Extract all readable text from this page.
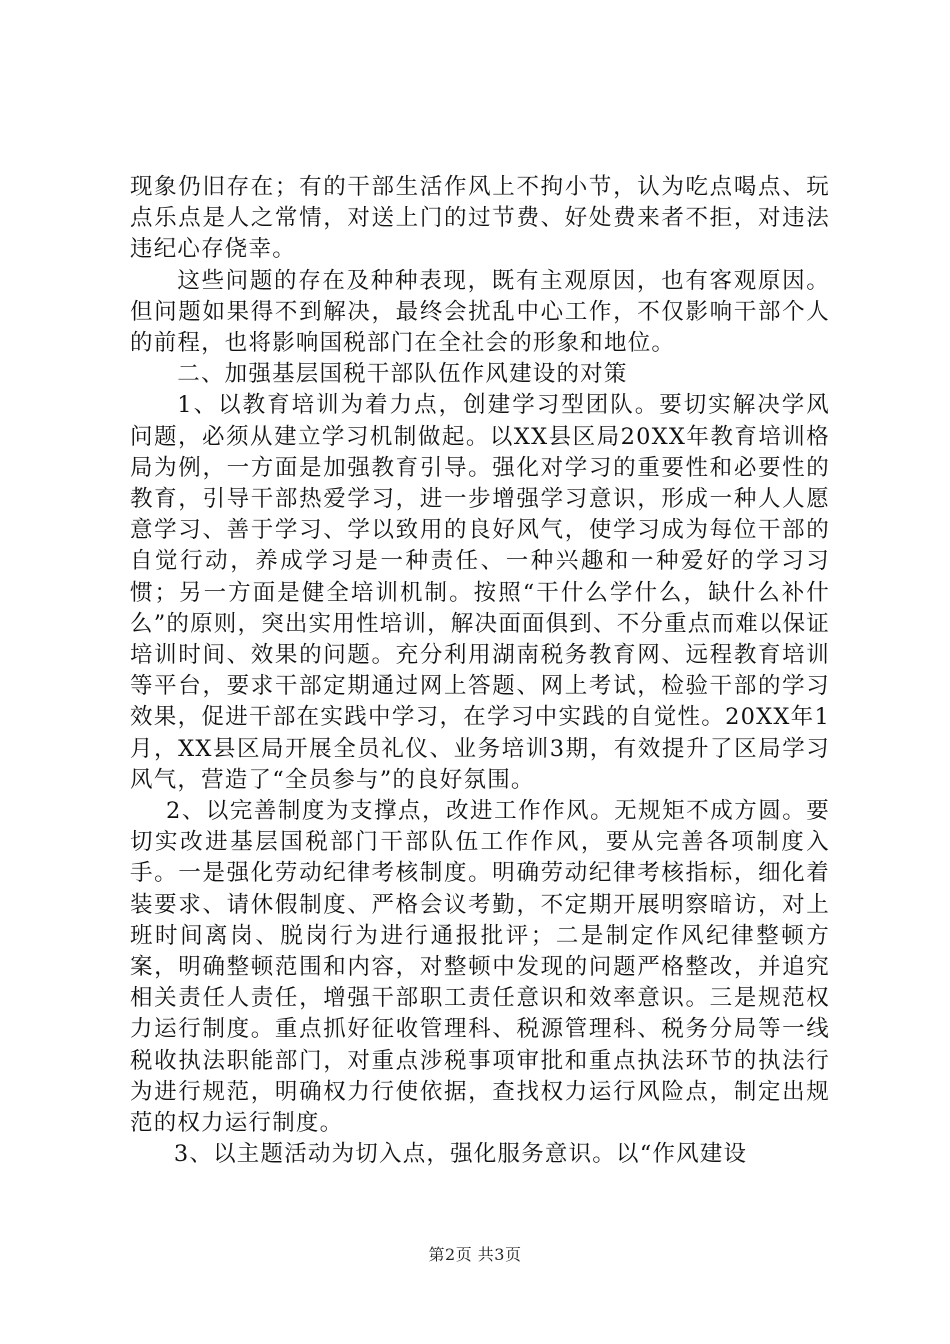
现象仍旧存在；有的干部生活作风上不拘小节，认为吃点喝点、玩点乐点是人之常情，对送上门的过节费、好处费来者不拒，对违法违纪心存侥幸。

这些问题的存在及种种表现，既有主观原因，也有客观原因。但问题如果得不到解决，最终会扰乱中心工作，不仅影响干部个人的前程，也将影响国税部门在全社会的形象和地位。

二、加强基层国税干部队伍作风建设的对策

1、以教育培训为着力点，创建学习型团队。要切实解决学风问题，必须从建立学习机制做起。以XX县区局20XX年教育培训格局为例，一方面是加强教育引导。强化对学习的重要性和必要性的教育，引导干部热爱学习，进一步增强学习意识，形成一种人人愿意学习、善于学习、学以致用的良好风气，使学习成为每位干部的自觉行动，养成学习是一种责任、一种兴趣和一种爱好的学习习惯；另一方面是健全培训机制。按照“干什么学什么，缺什么补什么”的原则，突出实用性培训，解决面面俱到、不分重点而难以保证培训时间、效果的问题。充分利用湖南税务教育网、远程教育培训等平台，要求干部定期通过网上答题、网上考试，检验干部的学习效果，促进干部在实践中学习，在学习中实践的自觉性。20XX年1月，XX县区局开展全员礼仪、业务培训3期，有效提升了区局学习风气，营造了“全员参与”的良好氛围。

2、以完善制度为支撑点，改进工作作风。无规矩不成方圆。要切实改进基层国税部门干部队伍工作作风，要从完善各项制度入手。一是强化劳动纪律考核制度。明确劳动纪律考核指标，细化着装要求、请休假制度、严格会议考勤，不定期开展明察暗访，对上班时间离岗、脱岗行为进行通报批评；二是制定作风纪律整顿方案，明确整顿范围和内容，对整顿中发现的问题严格整改，并追究相关责任人责任，增强干部职工责任意识和效率意识。三是规范权力运行制度。重点抓好征收管理科、税源管理科、税务分局等一线税收执法职能部门，对重点涉税事项审批和重点执法环节的执法行为进行规范，明确权力行使依据，查找权力运行风险点，制定出规范的权力运行制度。

3、以主题活动为切入点，强化服务意识。以“作风建设

第2页 共3页
